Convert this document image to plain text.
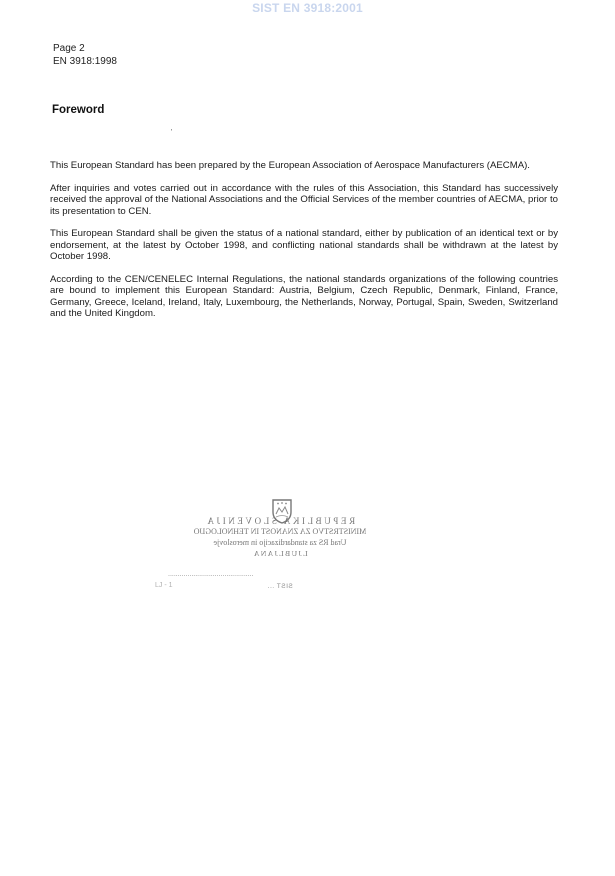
SIST EN 3918:2001
Page 2
EN 3918:1998
Foreword
'

This European Standard has been prepared by the European Association of Aerospace Manufacturers (AECMA).

After inquiries and votes carried out in accordance with the rules of this Association, this Standard has successively received the approval of the National Associations and the Official Services of the member countries of AECMA, prior to its presentation to CEN.

This European Standard shall be given the status of a national standard, either by publication of an identical text or by endorsement, at the latest by October 1998, and conflicting national standards shall be withdrawn at the latest by October 1998.

According to the CEN/CENELEC Internal Regulations, the national standards organizations of the following countries are bound to implement this European Standard: Austria, Belgium, Czech Republic, Denmark, Finland, France, Germany, Greece, Iceland, Ireland, Italy, Luxembourg, the Netherlands, Norway, Portugal, Spain, Sweden, Switzerland and the United Kingdom.

REPUBLIKA SLOVENIJA
MINISTRSTVO ZA ZNANOST IN TEHNOLOGIJO
Urad RS za standardizacijo in meroslovje
LJUBLJANA
LJ - 1
............................................
SIST ...
